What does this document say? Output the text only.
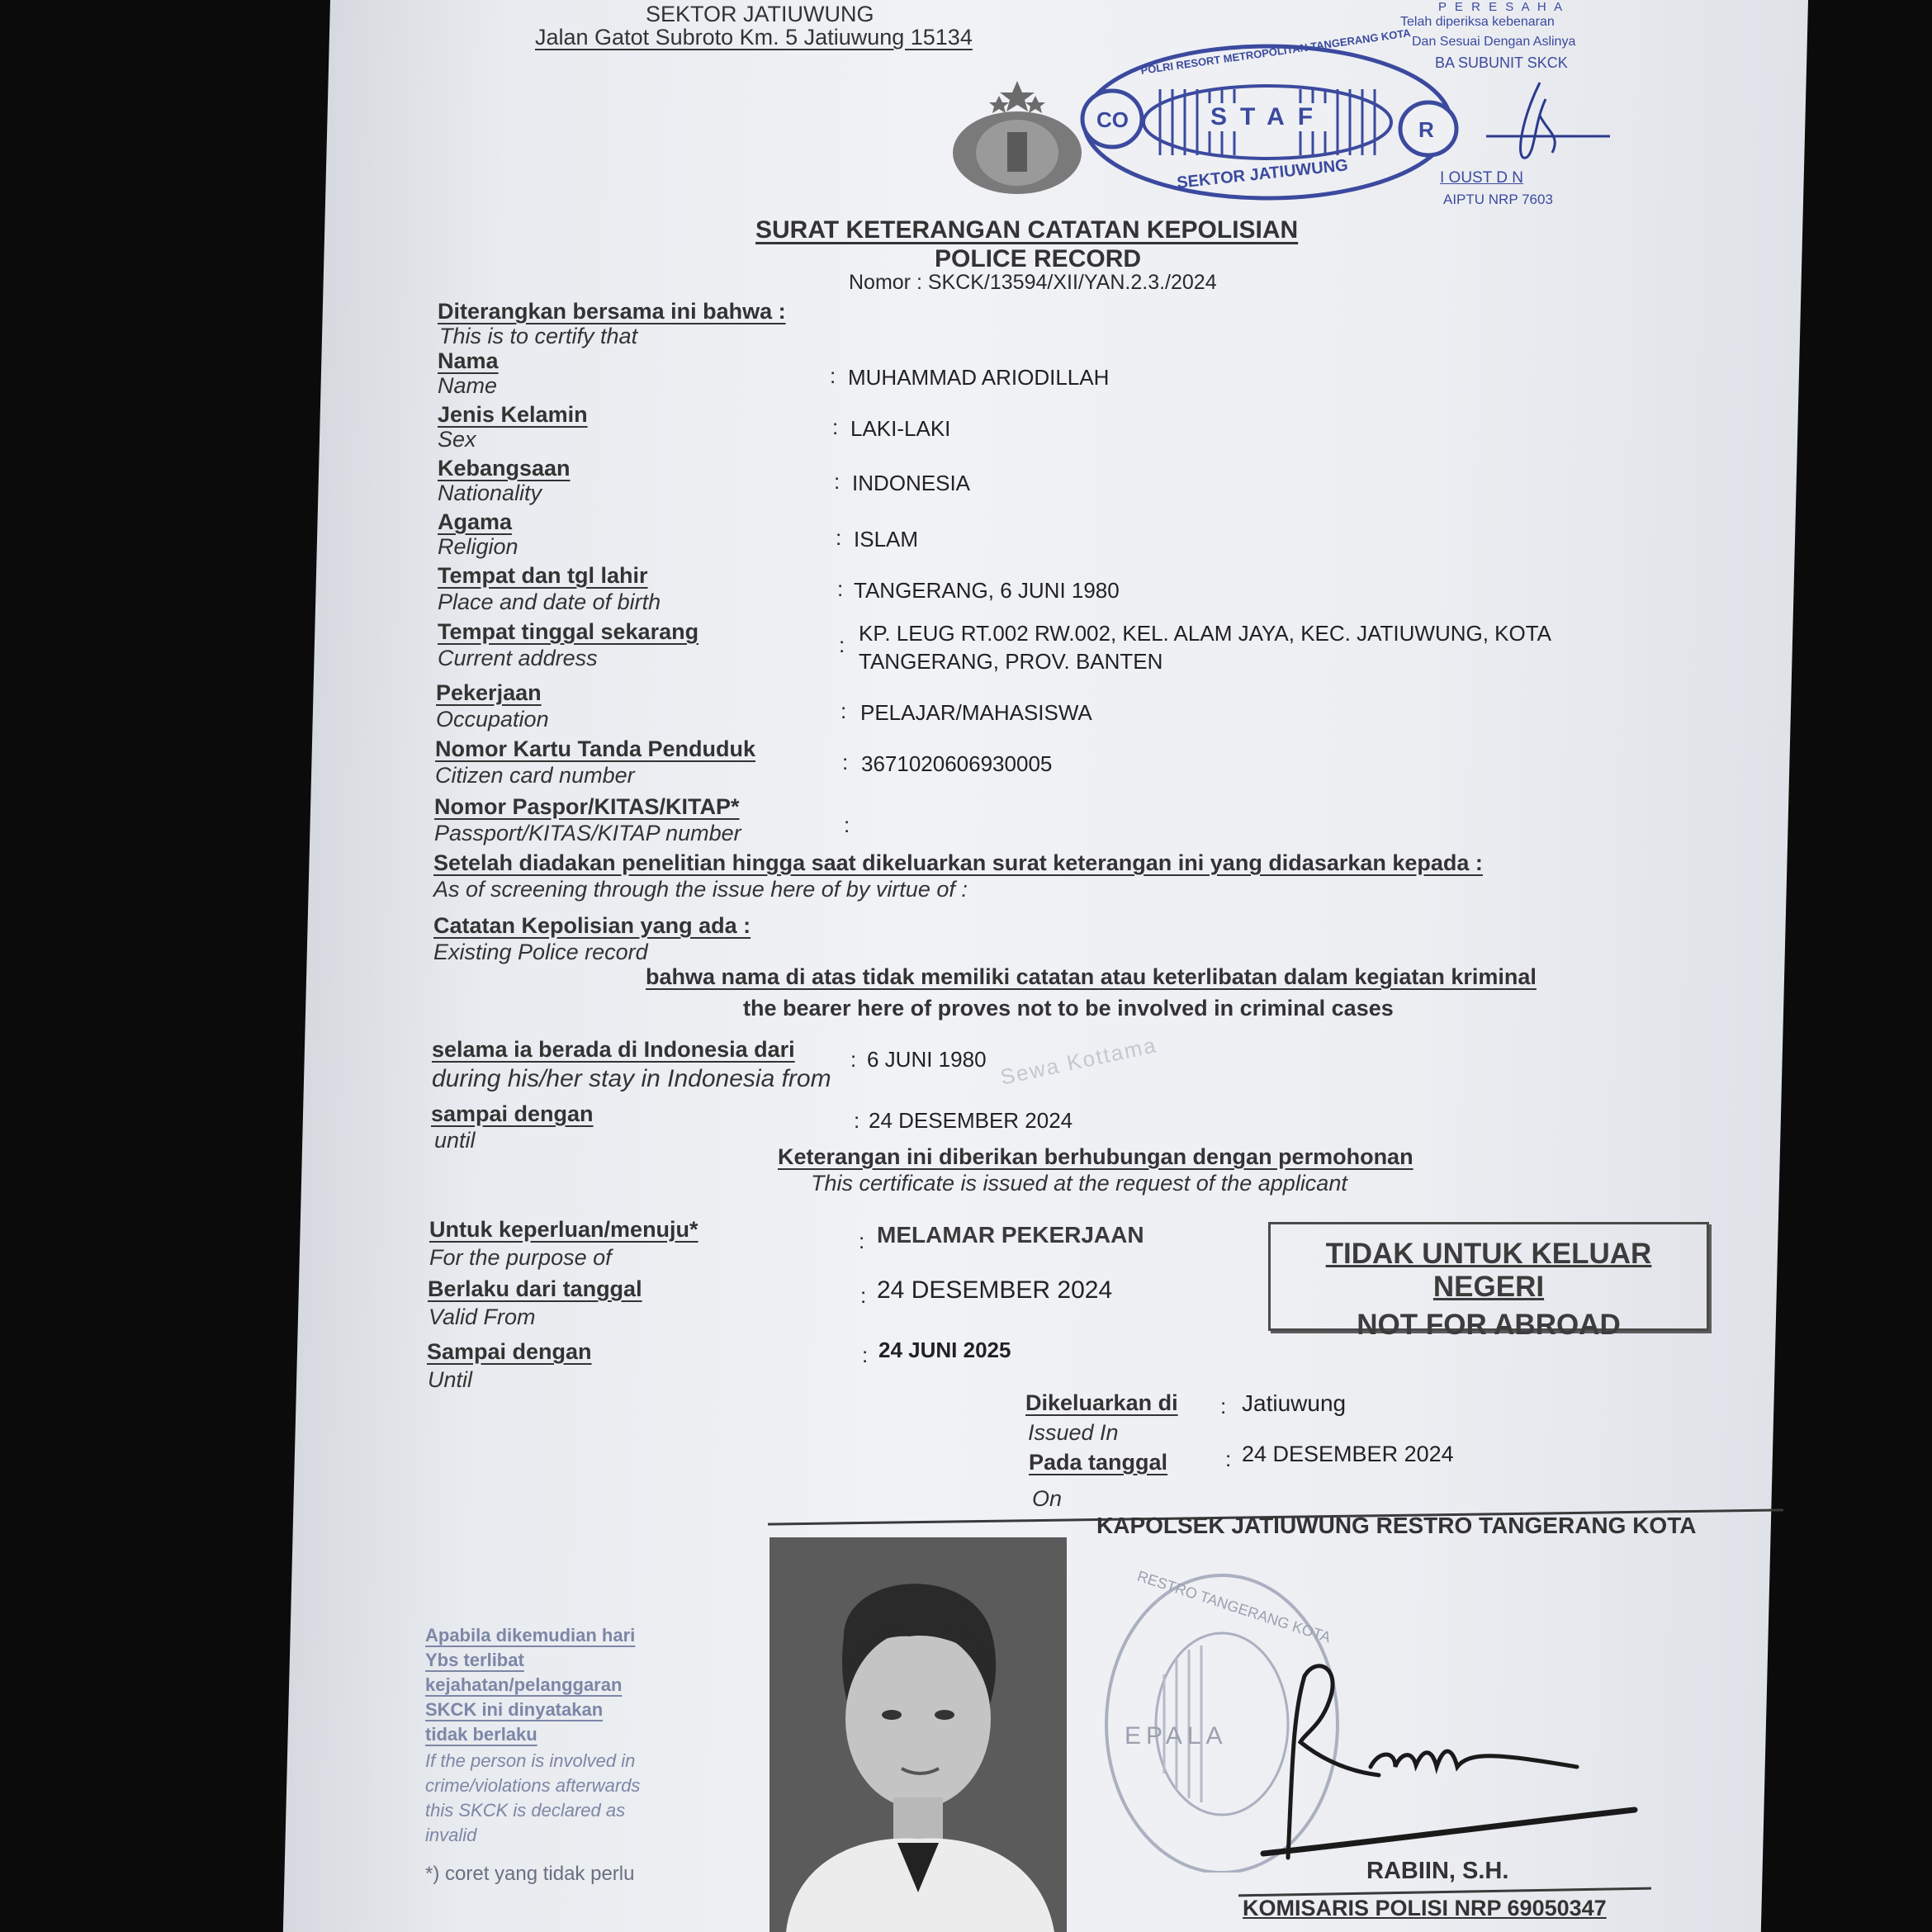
SEKTOR JATIUWUNG
Jalan Gatot Subroto Km. 5 Jatiuwung 15134	POLRI RESORT METROPOLITAN TANGERANG KOTA
STAF
SEKTOR JATIUWUNG
CO	R
P E R E S A H A
Telah diperiksa kebenaran
Dan Sesuai Dengan Aslinya
BA SUBUNIT SKCK
I OUST D N
AIPTU NRP 7603
SURAT KETERANGAN CATATAN KEPOLISIAN
POLICE RECORD
Nomor : SKCK/13594/XII/YAN.2.3./2024
Diterangkan bersama ini bahwa :
This is to certify that
Nama
Name	: MUHAMMAD ARIODILLAH
Jenis Kelamin
Sex	: LAKI-LAKI
Kebangsaan
Nationality	: INDONESIA
Agama
Religion	: ISLAM
Tempat dan tgl lahir
Place and date of birth
: TANGERANG, 6 JUNI 1980
Tempat tinggal sekarang
Current address
: KP. LEUG RT.002 RW.002, KEL. ALAM JAYA, KEC. JATIUWUNG, KOTA
TANGERANG, PROV. BANTEN
Pekerjaan
Occupation	: PELAJAR/MAHASISWA
Nomor Kartu Tanda Penduduk
Citizen card number
: 3671020606930005
Nomor Paspor/KITAS/KITAP*
Passport/KITAS/KITAP number	:
Setelah diadakan penelitian hingga saat dikeluarkan surat keterangan ini yang didasarkan kepada :
As of screening through the issue here of by virtue of :
Catatan Kepolisian yang ada :
Existing Police record
bahwa nama di atas tidak memiliki catatan atau keterlibatan dalam kegiatan kriminal
the bearer here of proves not to be involved in criminal cases
selama ia berada di Indonesia dari
during his/her stay in Indonesia from
: 6 JUNI 1980
sampai dengan
until
: 24 DESEMBER 2024
Keterangan ini diberikan berhubungan dengan permohonan
This certificate is issued at the request of the applicant
Untuk keperluan/menuju*
For the purpose of
: MELAMAR PEKERJAAN
Berlaku dari tanggal
Valid From
: 24 DESEMBER 2024
Sampai dengan
Until
: 24 JUNI 2025
TIDAK UNTUK KELUAR NEGERI
NOT FOR ABROAD
Dikeluarkan di
Issued In
: Jatiuwung
Pada tanggal
On
: 24 DESEMBER 2024
KAPOLSEK JATIUWUNG RESTRO TANGERANG KOTA
RESTRO TANGERANG KOTA
EPALA
RABIIN, S.H.
KOMISARIS POLISI NRP 69050347
Apabila dikemudian hari
Ybs terlibat
kejahatan/pelanggaran
SKCK ini dinyatakan
tidak berlaku
If the person is involved in
crime/violations afterwards
this SKCK is declared as
invalid
*) coret yang tidak perlu
Sewa Kottama
